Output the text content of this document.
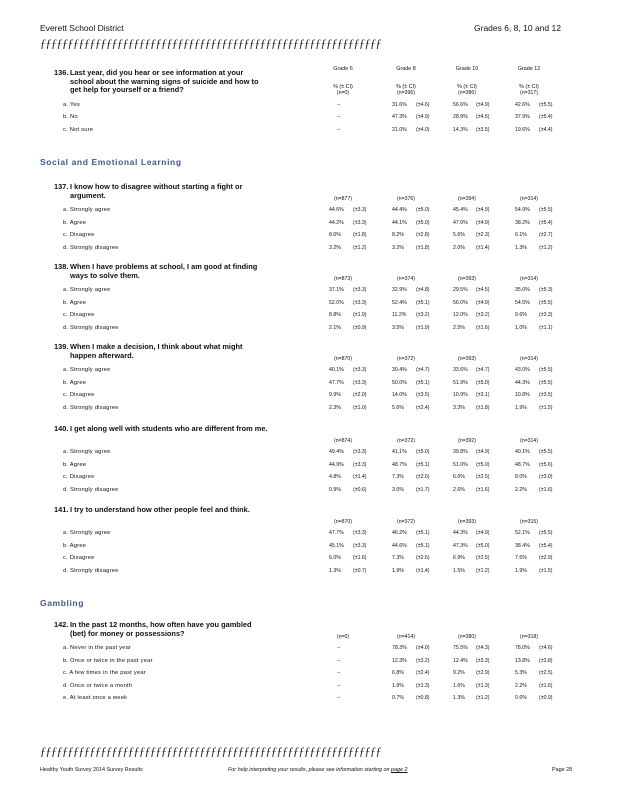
Everett School District	Grades 6, 8, 10 and 12
ƒƒƒƒƒƒƒƒƒƒƒƒƒƒƒƒƒƒƒƒƒƒƒƒƒƒƒƒƒƒƒƒƒƒƒƒƒƒƒƒƒƒƒƒƒƒƒƒƒƒƒƒƒƒƒƒƒƒƒƒƒƒ
Grade 6
% (± CI)
Grade 8
% (± CI)
Grade 10
% (± CI)
Grade 12
% (± CI)
136. Last year, did you hear or see information at your school about the warning signs of suicide and how to get help for yourself or a friend?	(n=0)	(n=396)	(n=386)	(n=317)
a. Yes	--	31.6% (±4.6)	56.6% (±4.9)	42.6% (±5.5)
b. No	--	47.3% (±4.9)	28.9% (±4.5)	37.9% (±5.4)
c. Not sure	--	21.0% (±4.0)	14.3% (±3.5)	19.6% (±4.4)
137. I know how to disagree without starting a fight or argument.	(n=877)	(n=376)	(n=394)	(n=314)
a. Strongly agree	44.6% (±3.3)	44.4% (±5.0)	45.4% (±4.9)	54.9% (±5.5)
b. Agree	44.2% (±3.3)	44.1% (±5.0)	47.0% (±4.9)	38.2% (±5.4)
c. Disagree	8.0% (±1.8)	8.2% (±2.8)	5.6% (±2.3)	6.1% (±2.7)
d. Strongly disagree	3.2% (±1.2)	3.2% (±1.8)	2.0% (±1.4)	1.3% (±1.2)
138. When I have problems at school, I am good at finding ways to solve them.	(n=873)	(n=374)	(n=393)	(n=314)
a. Strongly agree	37.1% (±3.3)	32.9% (±4.8)	29.5% (±4.5)	35.0% (±5.3)
b. Agree	52.0% (±3.3)	52.4% (±5.1)	56.0% (±4.9)	54.5% (±5.5)
c. Disagree	8.8% (±1.9)	11.2% (±3.2)	12.0% (±3.2)	9.6% (±3.3)
d. Strongly disagree	2.1% (±0.9)	3.5% (±1.9)	2.5% (±1.6)	1.0% (±1.1)
139. When I make a decision, I think about what might happen afterward.	(n=870)	(n=372)	(n=393)	(n=314)
a. Strongly agree	40.1% (±3.3)	30.4% (±4.7)	33.6% (±4.7)	43.0% (±5.5)
b. Agree	47.7% (±3.3)	50.0% (±5.1)	51.9% (±5.0)	44.3% (±5.5)
c. Disagree	9.9% (±2.0)	14.0% (±3.5)	10.9% (±3.1)	10.8% (±3.5)
d. Strongly disagree	2.3% (±1.0)	5.6% (±2.4)	3.3% (±1.8)	1.9% (±1.5)
140. I get along well with students who are different from me.
(n=874)	(n=372)	(n=392)	(n=314)
a. Strongly agree	49.4% (±3.3)	41.1% (±5.0)	39.8% (±4.9)	40.1% (±5.5)
b. Agree	44.9% (±3.3)	48.7% (±5.1)	51.0% (±5.0)	48.7% (±5.6)
c. Disagree	4.8% (±1.4)	7.3% (±2.6)	6.6% (±2.5)	8.0% (±3.0)
d. Strongly disagree	0.9% (±0.6)	3.0% (±1.7)	2.6% (±1.6)	2.2% (±1.6)
141. I try to understand how other people feel and think.
(n=870)	(n=372)	(n=393)	(n=315)
a. Strongly agree	47.7% (±3.3)	46.2% (±5.1)	44.3% (±4.9)	52.1% (±5.5)
b. Agree	45.1% (±3.3)	44.6% (±5.1)	47.3% (±5.0)	38.4% (±5.4)
c. Disagree	6.0% (±1.6)	7.3% (±2.6)	6.9% (±2.5)	7.6% (±2.9)
d. Strongly disagree	1.3% (±0.7)	1.9% (±1.4)	1.5% (±1.2)	1.9% (±1.5)
142. In the past 12 months, how often have you gambled (bet) for money or possessions?	(n=0)	(n=414)	(n=380)	(n=318)
a. Never in the past year	--	78.3% (±4.0)	75.5% (±4.3)	78.0% (±4.6)
b. Once or twice in the past year	--	12.3% (±3.2)	12.4% (±3.3)	13.8% (±3.8)
c. A few times in the past year	--	6.8% (±2.4)	9.2% (±2.9)	5.3% (±2.5)
d. Once or twice a month	--	1.9% (±1.3)	1.6% (±1.3)	2.2% (±1.6)
e. At least once a week	--	0.7% (±0.8)	1.3% (±1.2)	0.6% (±0.9)
Social and Emotional Learning
Gambling
ƒƒƒƒƒƒƒƒƒƒƒƒƒƒƒƒƒƒƒƒƒƒƒƒƒƒƒƒƒƒƒƒƒƒƒƒƒƒƒƒƒƒƒƒƒƒƒƒƒƒƒƒƒƒƒƒƒƒƒƒƒƒ
Healthy Youth Survey 2014 Survey Results	For help interpreting your results, please see information starting on page 2	Page 28
